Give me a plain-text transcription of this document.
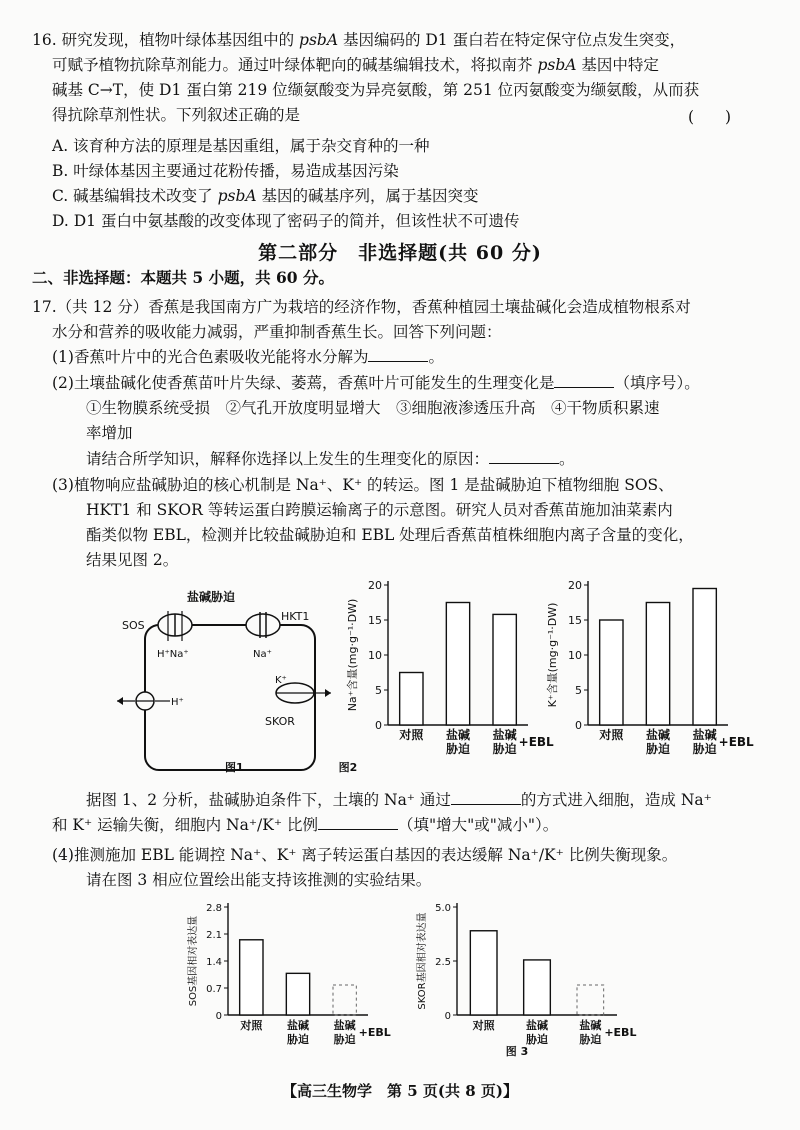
16. 研究发现，植物叶绿体基因组中的 psbA 基因编码的 D1 蛋白若在特定保守位点发生突变，
可赋予植物抗除草剂能力。通过叶绿体靶向的碱基编辑技术，将拟南芥 psbA 基因中特定
碱基 C→T，使 D1 蛋白第 219 位缬氨酸变为异亮氨酸，第 251 位丙氨酸变为缬氨酸，从而获
得抗除草剂性状。下列叙述正确的是	(　　)
A. 该育种方法的原理是基因重组，属于杂交育种的一种
B. 叶绿体基因主要通过花粉传播，易造成基因污染
C. 碱基编辑技术改变了 psbA 基因的碱基序列，属于基因突变
D. D1 蛋白中氨基酸的改变体现了密码子的简并，但该性状不可遗传
第二部分　非选择题(共 60 分)
二、非选择题：本题共 5 小题，共 60 分。
17.（共 12 分）香蕉是我国南方广为栽培的经济作物，香蕉种植园土壤盐碱化会造成植物根系对
水分和营养的吸收能力减弱，严重抑制香蕉生长。回答下列问题：
(1)香蕉叶片中的光合色素吸收光能将水分解为	。
(2)土壤盐碱化使香蕉苗叶片失绿、萎蔫，香蕉叶片可能发生的生理变化是	（填序号）。
①生物膜系统受损　②气孔开放度明显增大　③细胞液渗透压升高　④干物质积累速
率增加
请结合所学知识，解释你选择以上发生的生理变化的原因：	。
(3)植物响应盐碱胁迫的核心机制是 Na⁺、K⁺ 的转运。图 1 是盐碱胁迫下植物细胞 SOS、
HKT1 和 SKOR 等转运蛋白跨膜运输离子的示意图。研究人员对香蕉苗施加油菜素内
酯类似物 EBL，检测并比较盐碱胁迫和 EBL 处理后香蕉苗植株细胞内离子含量的变化，
结果见图 2。
盐碱胁迫
SOS
H⁺Na⁺
HKT1
Na⁺
H⁺
K⁺
SKOR
图1
0
5
10
15
20
Na⁺含量(mg·g⁻¹·DW)
对照 盐碱
胁迫
盐碱
胁迫 +EBL
图2
0
5
10
15
20
K⁺含量(mg·g⁻¹·DW)
对照 盐碱
胁迫
盐碱
胁迫 +EBL
据图 1、2 分析，盐碱胁迫条件下，土壤的 Na⁺ 通过	的方式进入细胞，造成 Na⁺
和 K⁺ 运输失衡，细胞内 Na⁺/K⁺ 比例	（填"增大"或"减小"）。
(4)推测施加 EBL 能调控 Na⁺、K⁺ 离子转运蛋白基因的表达缓解 Na⁺/K⁺ 比例失衡现象。
请在图 3 相应位置绘出能支持该推测的实验结果。
0
0.7
1.4
2.1
2.8
SOS基因相对表达量
对照 盐碱
胁迫
盐碱
胁迫
+EBL
0
2.5
5.0
SKOR基因相对表达量
对照	盐碱
胁迫
盐碱
胁迫
+EBL
图 3
【高三生物学　第 5 页(共 8 页)】
